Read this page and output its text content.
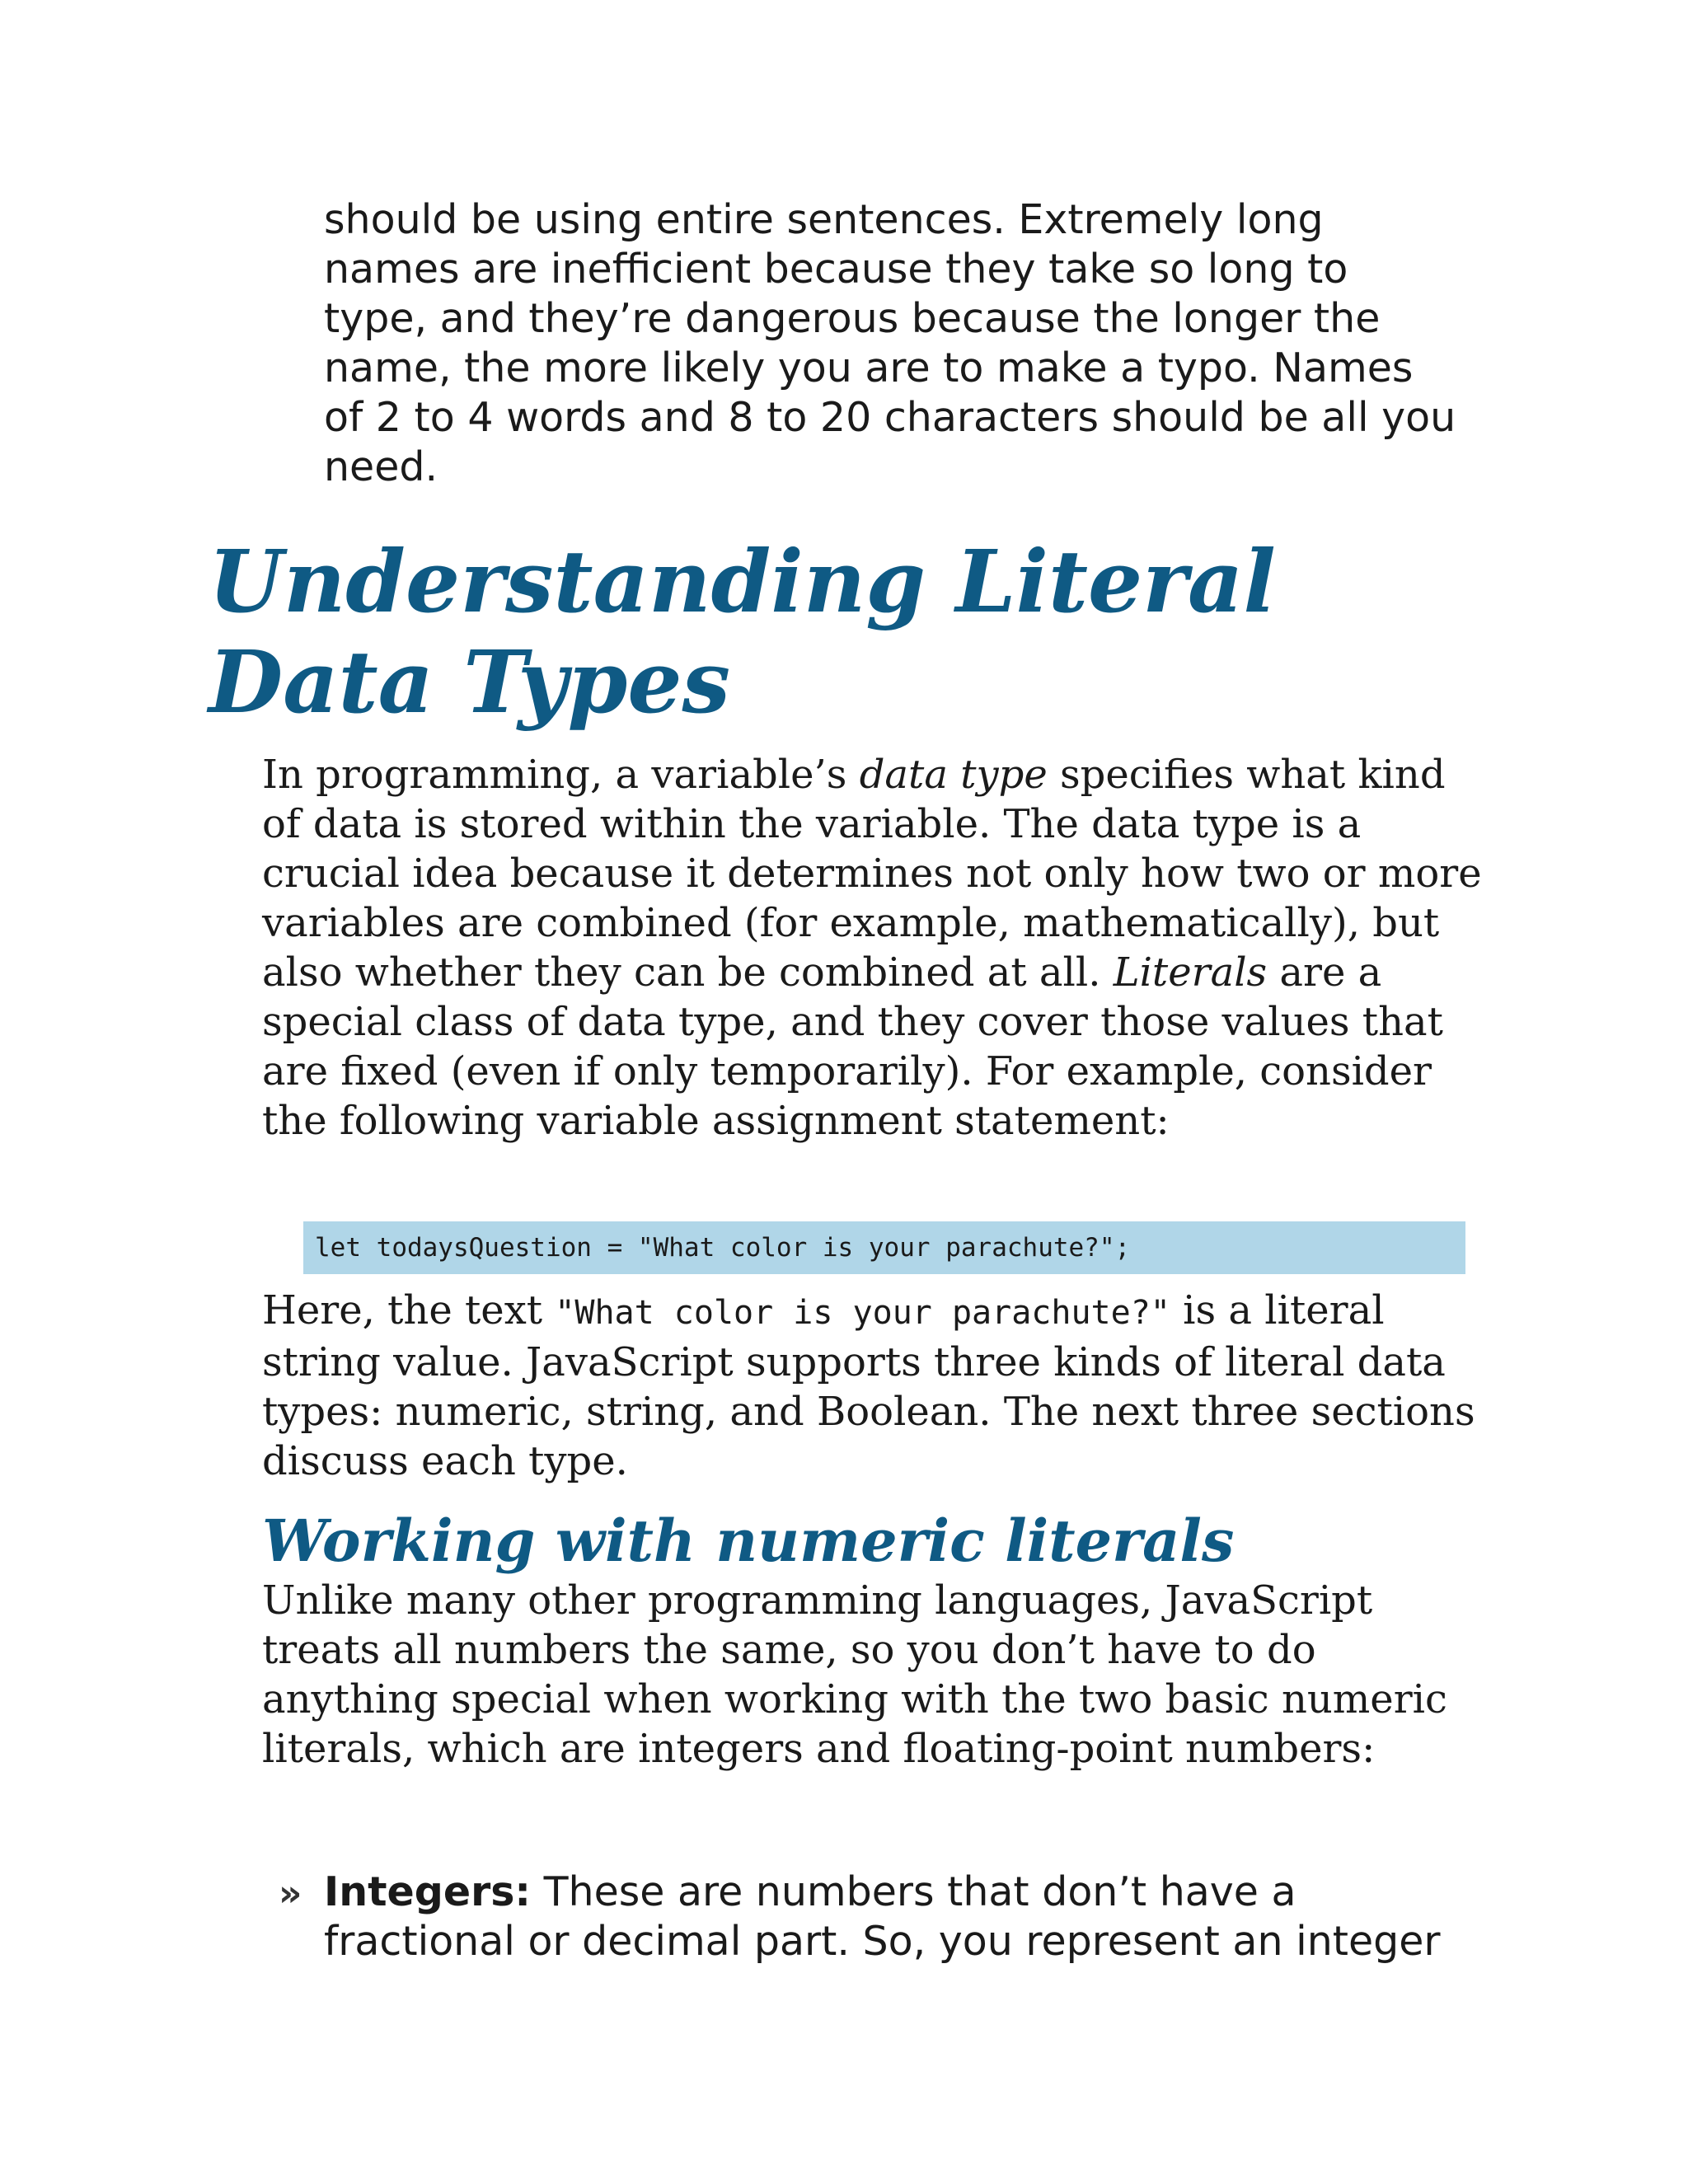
should be using entire sentences. Extremely long names are inefficient because they take so long to type, and they’re dangerous because the longer the name, the more likely you are to make a typo. Names of 2 to 4 words and 8 to 20 characters should be all you need.

Understanding Literal
Data Types

In programming, a variable’s data type specifies what kind of data is stored within the variable. The data type is a crucial idea because it determines not only how two or more variables are combined (for example, mathematically), but also whether they can be combined at all. Literals are a special class of data type, and they cover those values that are fixed (even if only temporarily). For example, consider the following variable assignment statement:

let todaysQuestion = "What color is your parachute?";

Here, the text "What color is your parachute?" is a literal string value. JavaScript supports three kinds of literal data types: numeric, string, and Boolean. The next three sections discuss each type.

Working with numeric literals

Unlike many other programming languages, JavaScript treats all numbers the same, so you don’t have to do anything special when working with the two basic numeric literals, which are integers and floating-point numbers:

» Integers: These are numbers that don’t have a fractional or decimal part. So, you represent an integer
